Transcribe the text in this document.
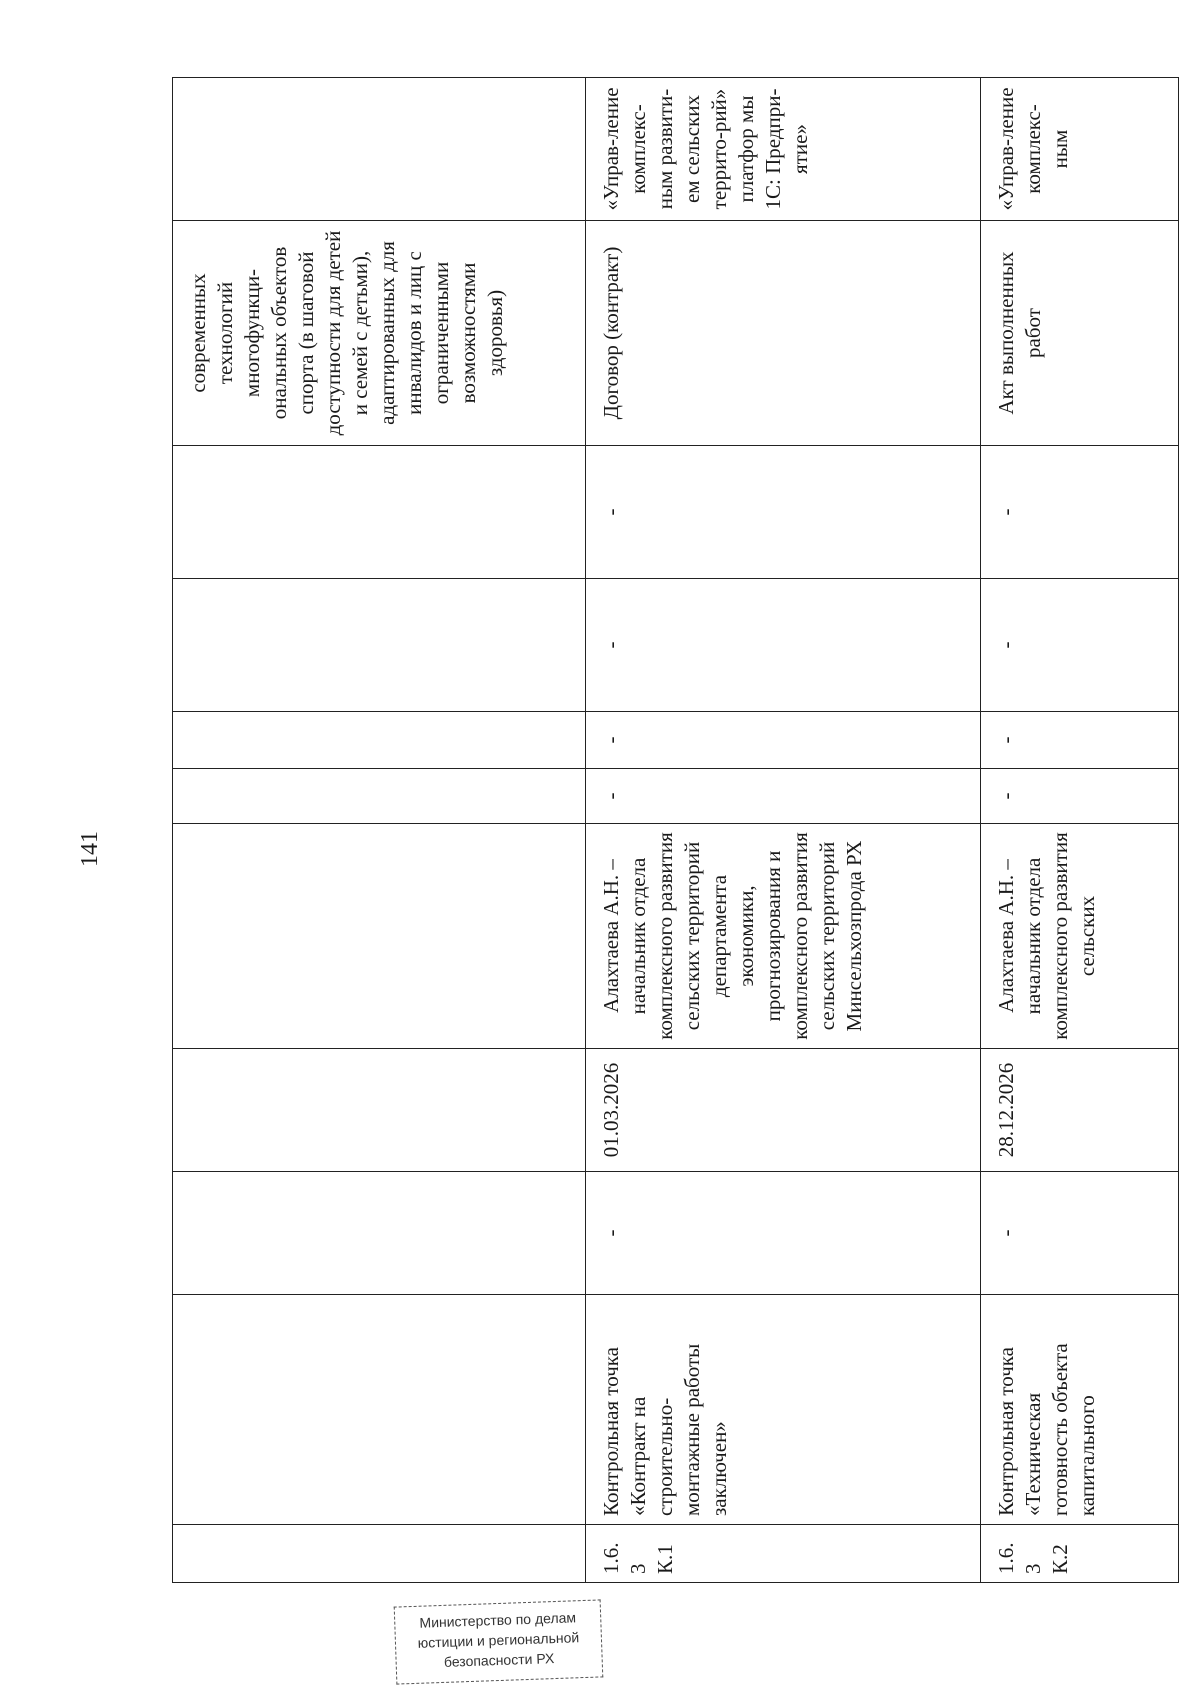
141
									современных технологий многофункци-ональных объектов спорта (в шаговой доступности для детей и семей с детьми), адаптированных для инвалидов и лиц с ограниченными возможностями здоровья)	
1.6.3 К.1	Контрольная точка «Контракт на строительно-монтажные работы заключен»	-	01.03.2026	Алахтаева А.Н. – начальник отдела комплексного развития сельских территорий департамента экономики, прогнозирования и комплексного развития сельских территорий Минсельхозпрода РХ	-	-	-	-	Договор (контракт)	«Управ-ление комплекс-ным развити-ем сельских террито-рий» платфор мы 1С: Предпри-ятие»
1.6.3 К.2	Контрольная точка «Техническая готовность объекта капитального	-	28.12.2026	Алахтаева А.Н. – начальник отдела комплексного развития сельских	-	-	-	-	Акт выполненных работ	«Управ-ление комплекс-ным
Министерство по делам
юстиции и региональной
безопасности РХ
